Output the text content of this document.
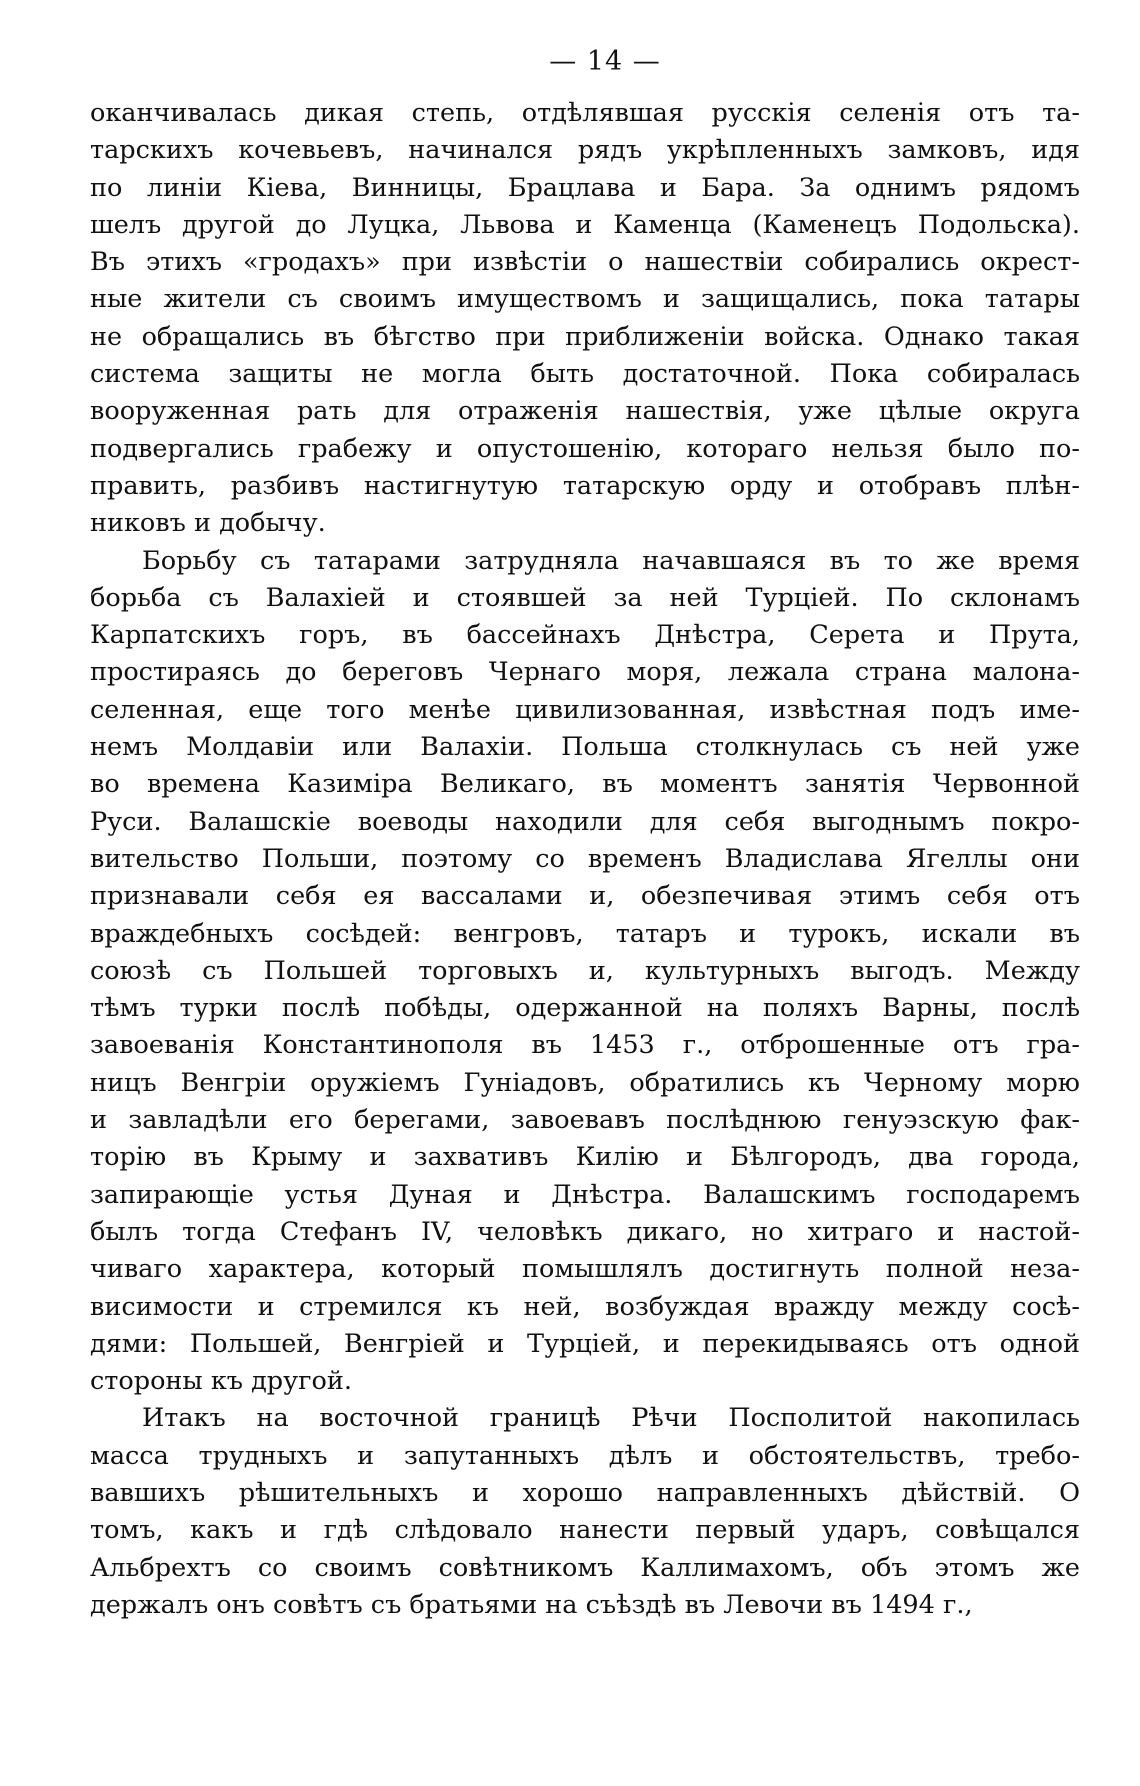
— 14 —
оканчивалась дикая степь, отдѣлявшая русскія селенія отъ та-
тарскихъ кочевьевъ, начинался рядъ укрѣпленныхъ замковъ, идя
по линіи Кіева, Винницы, Брацлава и Бара. За однимъ рядомъ
шелъ другой до Луцка, Львова и Каменца (Каменецъ Подольска).
Въ этихъ «гродахъ» при извѣстіи о нашествіи собирались окрест-
ные жители съ своимъ имуществомъ и защищались, пока татары
не обращались въ бѣгство при приближеніи войска. Однако такая
система защиты не могла быть достаточной. Пока собиралась
вооруженная рать для отраженія нашествія, уже цѣлые округа
подвергались грабежу и опустошенію, котораго нельзя было по-
править, разбивъ настигнутую татарскую орду и отобравъ плѣн-
никовъ и добычу.
Борьбу съ татарами затрудняла начавшаяся въ то же время
борьба съ Валахіей и стоявшей за ней Турціей. По склонамъ
Карпатскихъ горъ, въ бассейнахъ Днѣстра, Серета и Прута,
простираясь до береговъ Чернаго моря, лежала страна малона-
селенная, еще того менѣе цивилизованная, извѣстная подъ име-
немъ Молдавіи или Валахіи. Польша столкнулась съ ней уже
во времена Казиміра Великаго, въ моментъ занятія Червонной
Руси. Валашскіе воеводы находили для себя выгоднымъ покро-
вительство Польши, поэтому со временъ Владислава Ягеллы они
признавали себя ея вассалами и, обезпечивая этимъ себя отъ
враждебныхъ сосѣдей: венгровъ, татаръ и турокъ, искали въ
союзѣ съ Польшей торговыхъ и, культурныхъ выгодъ. Между
тѣмъ турки послѣ побѣды, одержанной на поляхъ Варны, послѣ
завоеванія Константинополя въ 1453 г., отброшенные отъ гра-
ницъ Венгріи оружіемъ Гуніадовъ, обратились къ Черному морю
и завладѣли его берегами, завоевавъ послѣднюю генуэзскую фак-
торію въ Крыму и захвативъ Килію и Бѣлгородъ, два города,
запирающіе устья Дуная и Днѣстра. Валашскимъ господаремъ
былъ тогда Стефанъ IV, человѣкъ дикаго, но хитраго и настой-
чиваго характера, который помышлялъ достигнуть полной неза-
висимости и стремился къ ней, возбуждая вражду между сосѣ-
дями: Польшей, Венгріей и Турціей, и перекидываясь отъ одной
стороны къ другой.
Итакъ на восточной границѣ Рѣчи Посполитой накопилась
масса трудныхъ и запутанныхъ дѣлъ и обстоятельствъ, требо-
вавшихъ рѣшительныхъ и хорошо направленныхъ дѣйствій. О
томъ, какъ и гдѣ слѣдовало нанести первый ударъ, совѣщался
Альбрехтъ со своимъ совѣтникомъ Каллимахомъ, объ этомъ же
держалъ онъ совѣтъ съ братьями на съѣздѣ въ Левочи въ 1494 г.,
